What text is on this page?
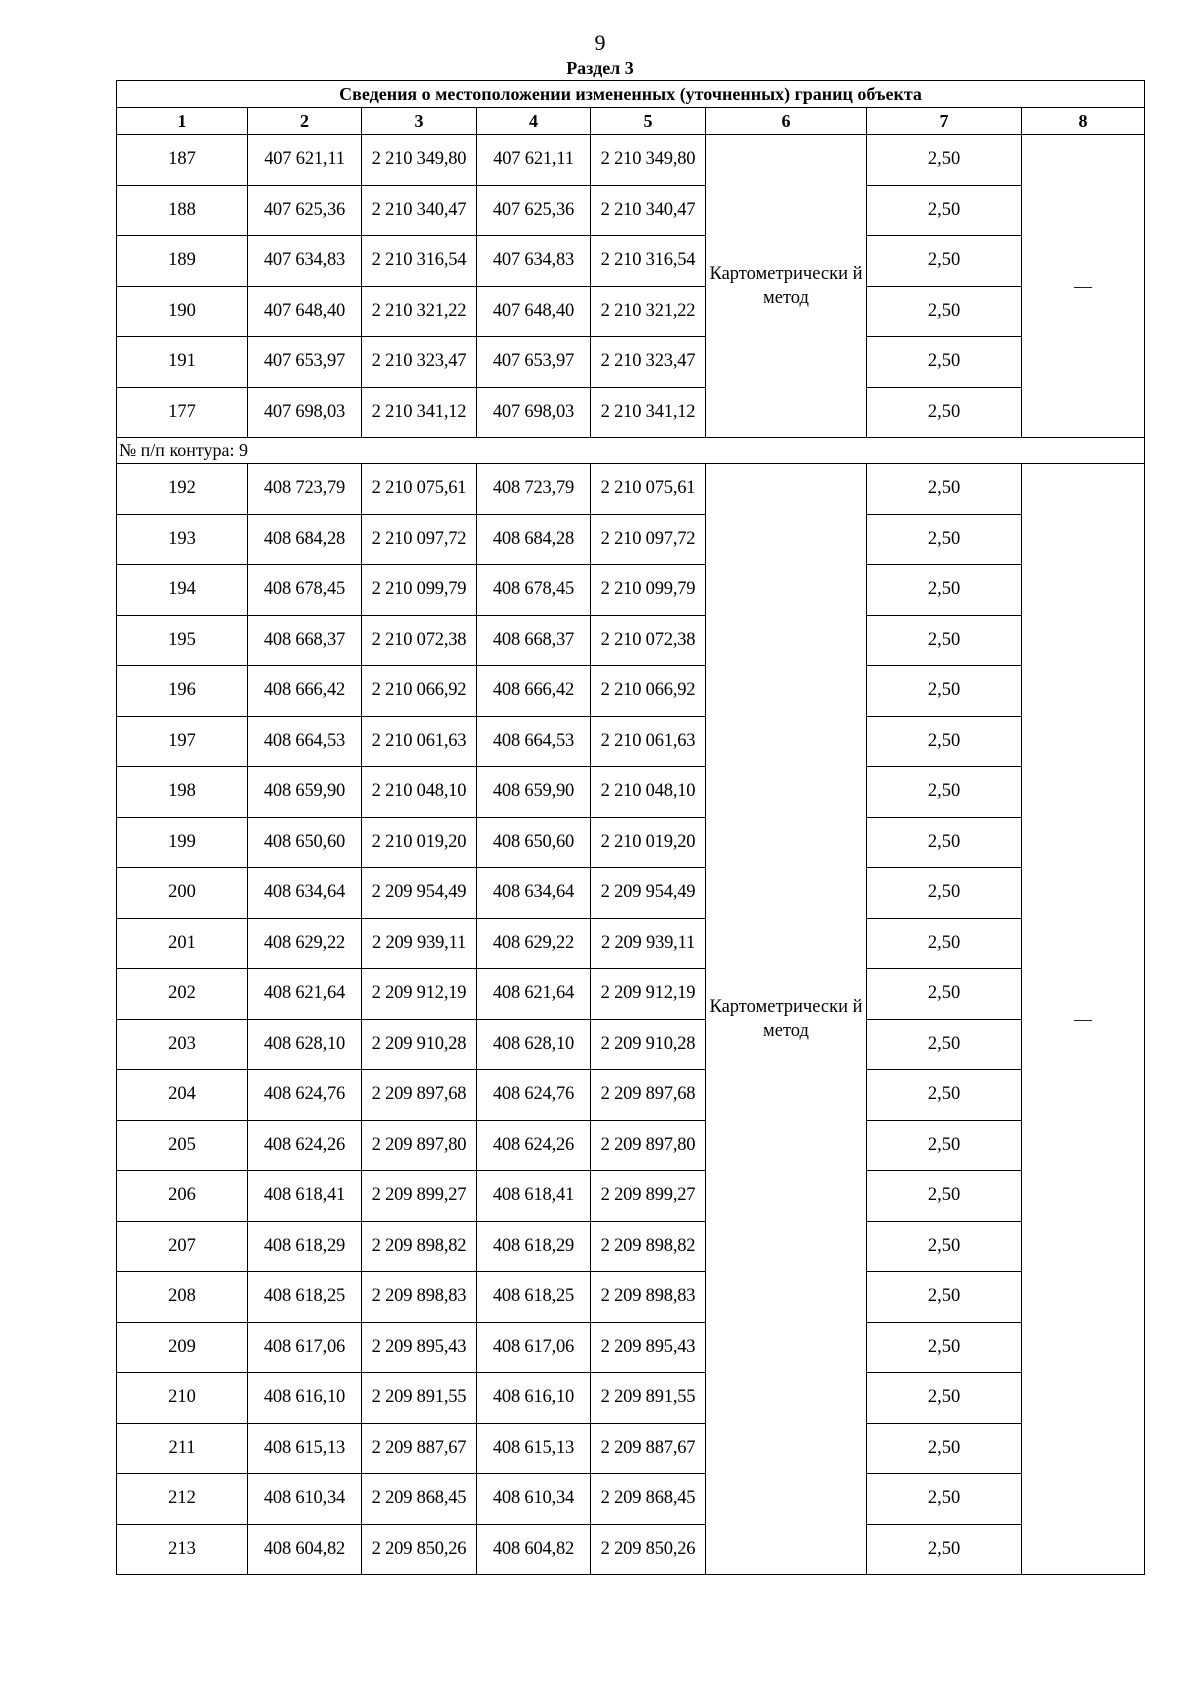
9
Раздел 3
Сведения о местоположении измененных (уточненных) границ объекта							
1	2	3	4	5	6	7	8
187	407 621,11	2 210 349,80	407 621,11	2 210 349,80	Картометрически й метод	2,50	—
188	407 625,36	2 210 340,47	407 625,36	2 210 340,47		2,50	
189	407 634,83	2 210 316,54	407 634,83	2 210 316,54		2,50	
190	407 648,40	2 210 321,22	407 648,40	2 210 321,22		2,50	
191	407 653,97	2 210 323,47	407 653,97	2 210 323,47		2,50	
177	407 698,03	2 210 341,12	407 698,03	2 210 341,12		2,50	
№ п/п контура: 9							
192	408 723,79	2 210 075,61	408 723,79	2 210 075,61	Картометрически й метод	2,50	—
193	408 684,28	2 210 097,72	408 684,28	2 210 097,72		2,50	
194	408 678,45	2 210 099,79	408 678,45	2 210 099,79		2,50	
195	408 668,37	2 210 072,38	408 668,37	2 210 072,38		2,50	
196	408 666,42	2 210 066,92	408 666,42	2 210 066,92		2,50	
197	408 664,53	2 210 061,63	408 664,53	2 210 061,63		2,50	
198	408 659,90	2 210 048,10	408 659,90	2 210 048,10		2,50	
199	408 650,60	2 210 019,20	408 650,60	2 210 019,20		2,50	
200	408 634,64	2 209 954,49	408 634,64	2 209 954,49		2,50	
201	408 629,22	2 209 939,11	408 629,22	2 209 939,11		2,50	
202	408 621,64	2 209 912,19	408 621,64	2 209 912,19		2,50	
203	408 628,10	2 209 910,28	408 628,10	2 209 910,28		2,50	
204	408 624,76	2 209 897,68	408 624,76	2 209 897,68		2,50	
205	408 624,26	2 209 897,80	408 624,26	2 209 897,80		2,50	
206	408 618,41	2 209 899,27	408 618,41	2 209 899,27		2,50	
207	408 618,29	2 209 898,82	408 618,29	2 209 898,82		2,50	
208	408 618,25	2 209 898,83	408 618,25	2 209 898,83		2,50	
209	408 617,06	2 209 895,43	408 617,06	2 209 895,43		2,50	
210	408 616,10	2 209 891,55	408 616,10	2 209 891,55		2,50	
211	408 615,13	2 209 887,67	408 615,13	2 209 887,67		2,50	
212	408 610,34	2 209 868,45	408 610,34	2 209 868,45		2,50	
213	408 604,82	2 209 850,26	408 604,82	2 209 850,26		2,50	
